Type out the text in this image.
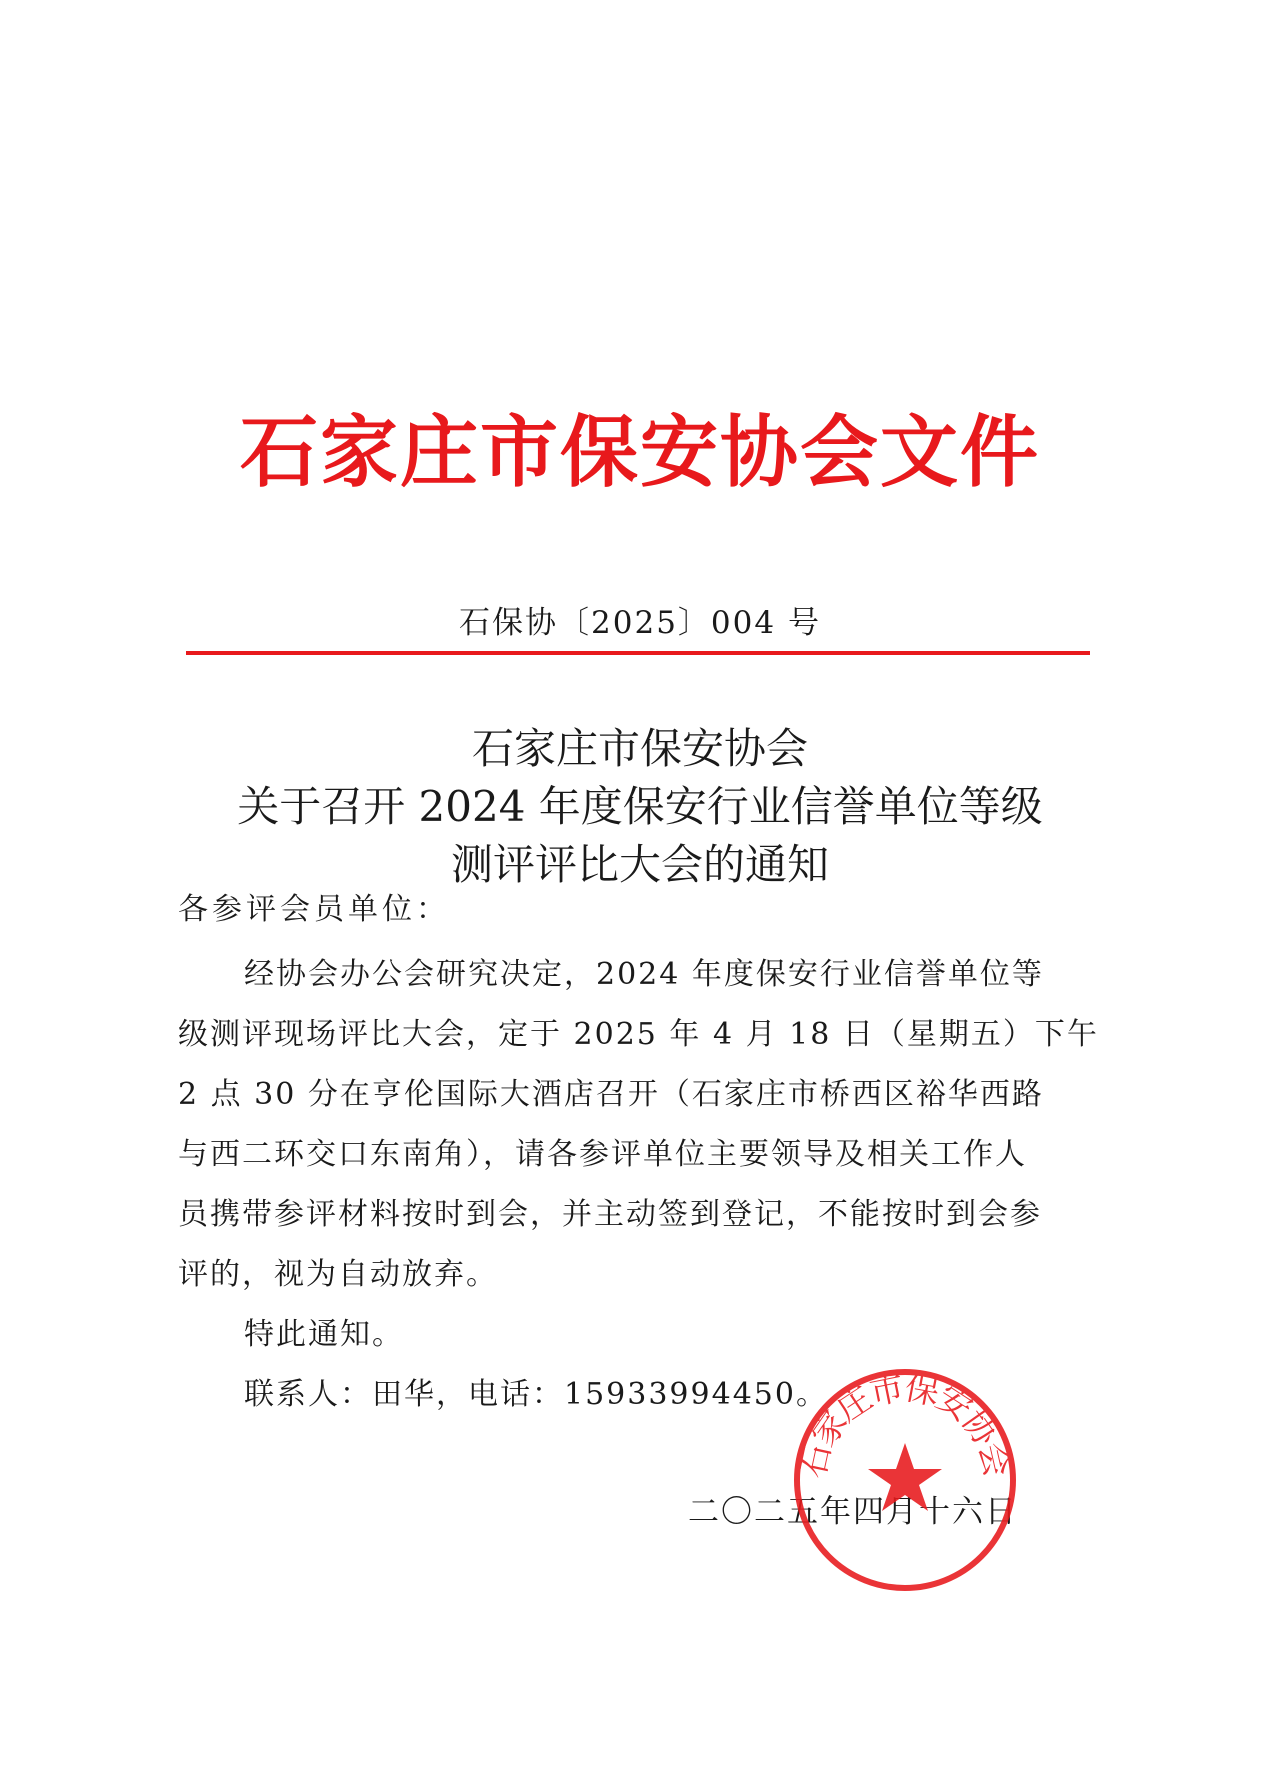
石家庄市保安协会文件
石保协〔2025〕004 号
石家庄市保安协会
关于召开 2024 年度保安行业信誉单位等级
测评评比大会的通知
各参评会员单位：
经协会办公会研究决定，2024 年度保安行业信誉单位等
级测评现场评比大会，定于 2025 年 4 月 18 日（星期五）下午
2 点 30 分在亨伦国际大酒店召开（石家庄市桥西区裕华西路
与西二环交口东南角），请各参评单位主要领导及相关工作人
员携带参评材料按时到会，并主动签到登记，不能按时到会参
评的，视为自动放弃。
特此通知。
联系人：田华，电话：15933994450。
二〇二五年四月十六日
石家庄市保安协会
